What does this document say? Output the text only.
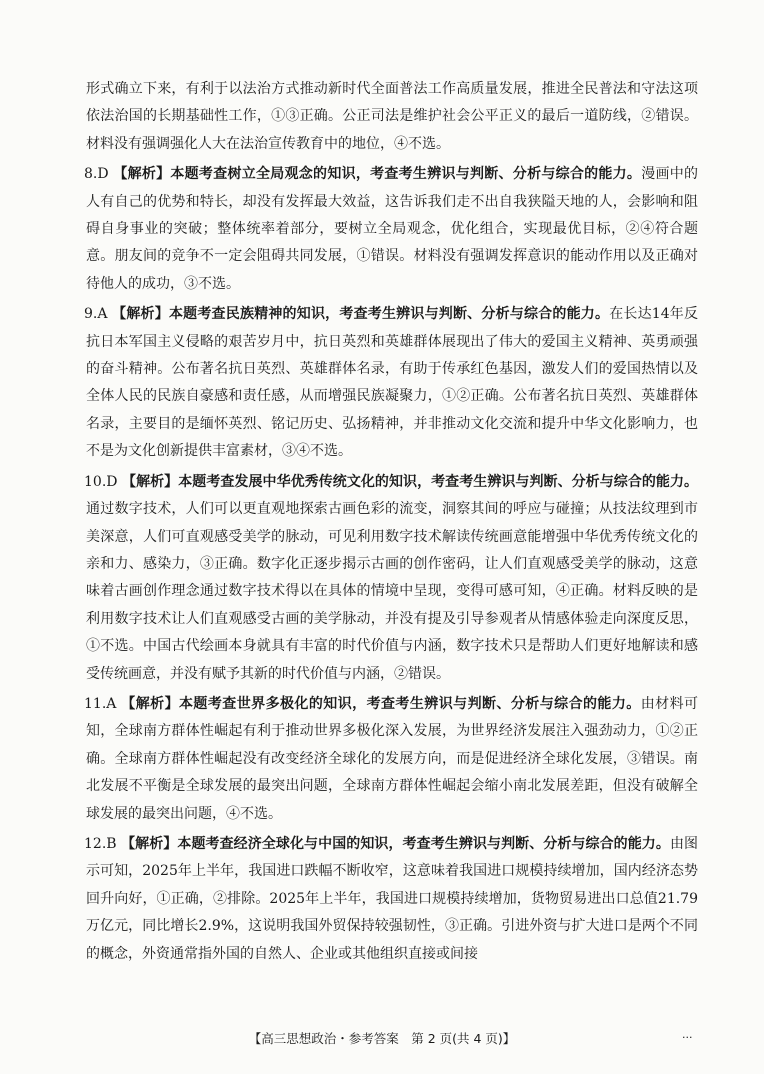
形式确立下来，有利于以法治方式推动新时代全面普法工作高质量发展，推进全民普法和守法这项依法治国的长期基础性工作，①③正确。公正司法是维护社会公平正义的最后一道防线，②错误。材料没有强调强化人大在法治宣传教育中的地位，④不选。
8.D 【解析】本题考查树立全局观念的知识，考查考生辨识与判断、分析与综合的能力。漫画中的人有自己的优势和特长，却没有发挥最大效益，这告诉我们走不出自我狭隘天地的人，会影响和阻碍自身事业的突破；整体统率着部分，要树立全局观念，优化组合，实现最优目标，②④符合题意。朋友间的竞争不一定会阻碍共同发展，①错误。材料没有强调发挥意识的能动作用以及正确对待他人的成功，③不选。
9.A 【解析】本题考查民族精神的知识，考查考生辨识与判断、分析与综合的能力。在长达14年反抗日本军国主义侵略的艰苦岁月中，抗日英烈和英雄群体展现出了伟大的爱国主义精神、英勇顽强的奋斗精神。公布著名抗日英烈、英雄群体名录，有助于传承红色基因，激发人们的爱国热情以及全体人民的民族自豪感和责任感，从而增强民族凝聚力，①②正确。公布著名抗日英烈、英雄群体名录，主要目的是缅怀英烈、铭记历史、弘扬精神，并非推动文化交流和提升中华文化影响力，也不是为文化创新提供丰富素材，③④不选。
10.D 【解析】本题考查发展中华优秀传统文化的知识，考查考生辨识与判断、分析与综合的能力。通过数字技术，人们可以更直观地探索古画色彩的流变，洞察其间的呼应与碰撞；从技法纹理到市美深意，人们可直观感受美学的脉动，可见利用数字技术解读传统画意能增强中华优秀传统文化的亲和力、感染力，③正确。数字化正逐步揭示古画的创作密码，让人们直观感受美学的脉动，这意味着古画创作理念通过数字技术得以在具体的情境中呈现，变得可感可知，④正确。材料反映的是利用数字技术让人们直观感受古画的美学脉动，并没有提及引导参观者从情感体验走向深度反思，①不选。中国古代绘画本身就具有丰富的时代价值与内涵，数字技术只是帮助人们更好地解读和感受传统画意，并没有赋予其新的时代价值与内涵，②错误。
11.A 【解析】本题考查世界多极化的知识，考查考生辨识与判断、分析与综合的能力。由材料可知，全球南方群体性崛起有利于推动世界多极化深入发展，为世界经济发展注入强劲动力，①②正确。全球南方群体性崛起没有改变经济全球化的发展方向，而是促进经济全球化发展，③错误。南北发展不平衡是全球发展的最突出问题，全球南方群体性崛起会缩小南北发展差距，但没有破解全球发展的最突出问题，④不选。
12.B 【解析】本题考查经济全球化与中国的知识，考查考生辨识与判断、分析与综合的能力。由图示可知，2025年上半年，我国进口跌幅不断收窄，这意味着我国进口规模持续增加，国内经济态势回升向好，①正确，②排除。2025年上半年，我国进口规模持续增加，货物贸易进出口总值21.79万亿元，同比增长2.9%，这说明我国外贸保持较强韧性，③正确。引进外资与扩大进口是两个不同的概念，外资通常指外国的自然人、企业或其他组织直接或间接
【高三思想政治・参考答案　第 2 页(共 4 页)】	...
